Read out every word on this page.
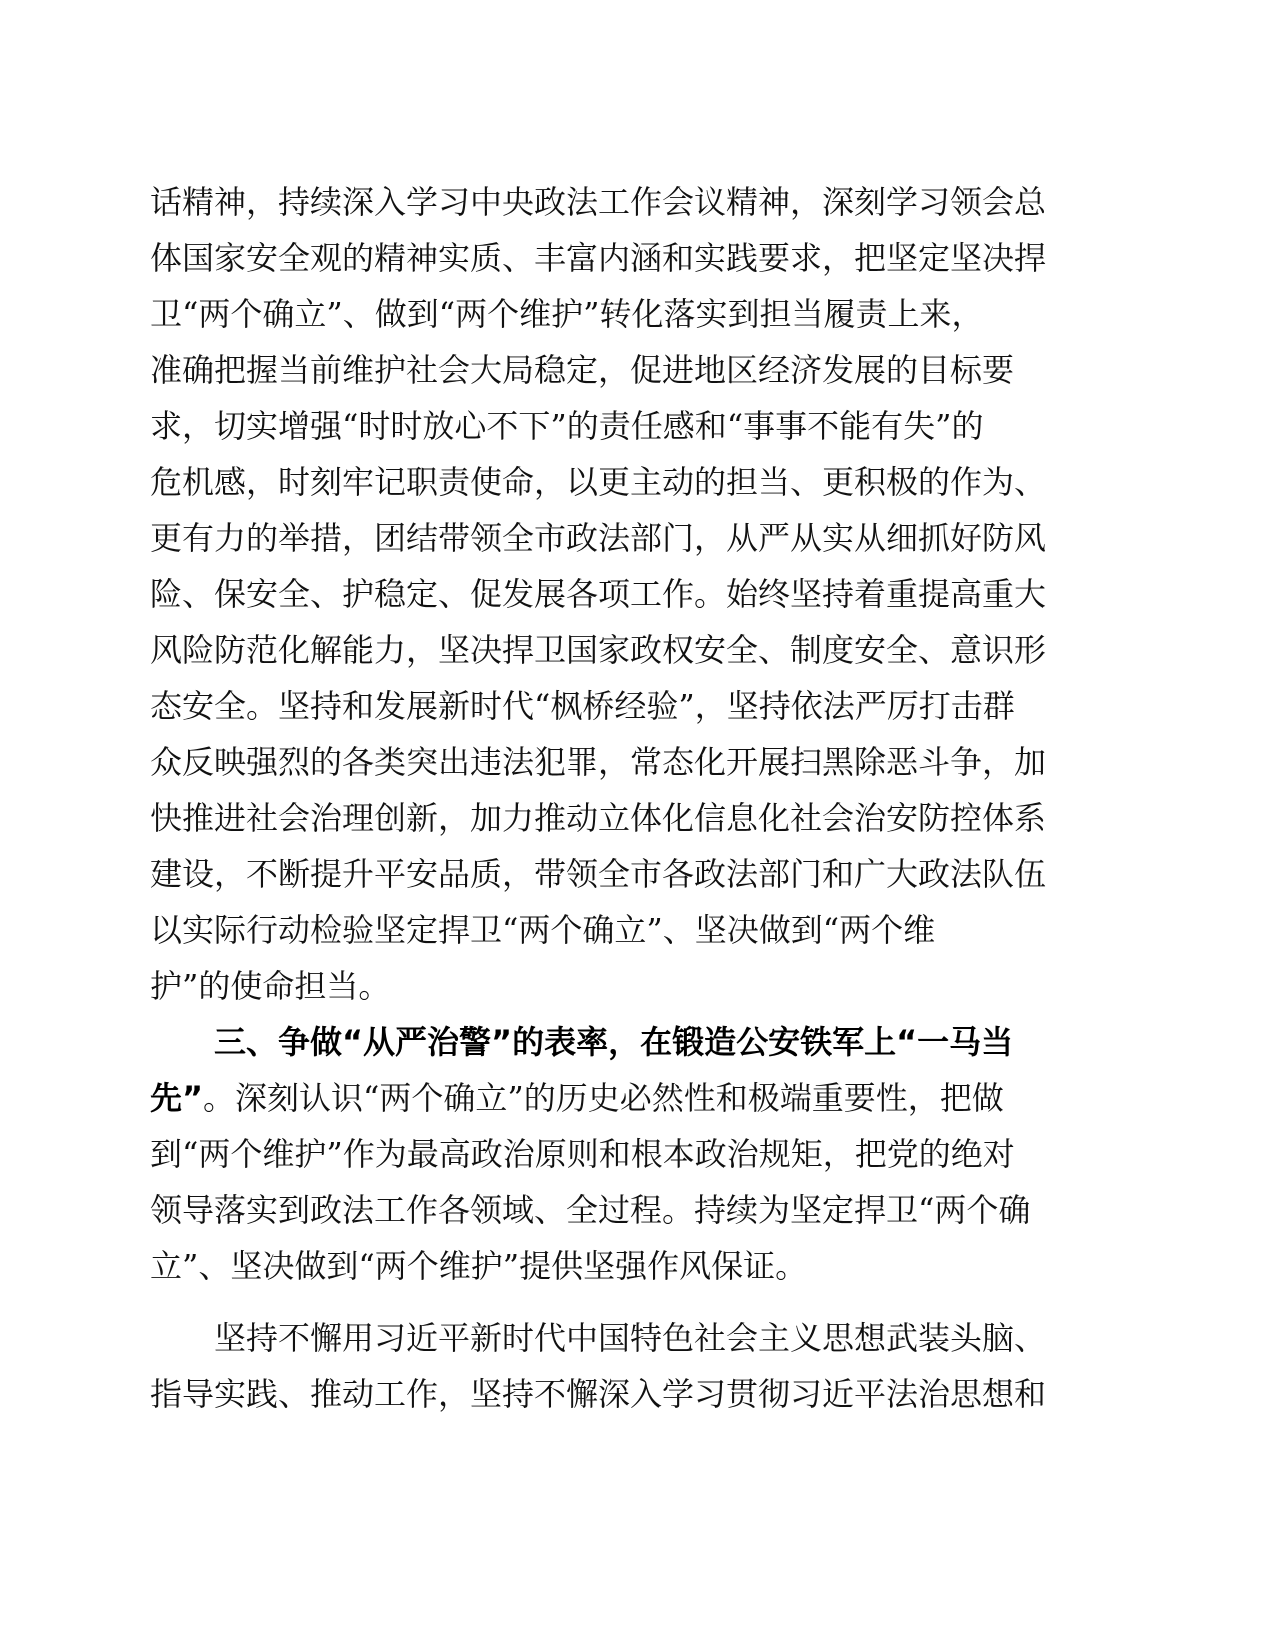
话精神，持续深入学习中央政法工作会议精神，深刻学习领会总
体国家安全观的精神实质、丰富内涵和实践要求，把坚定坚决捍
卫“两个确立”、做到“两个维护”转化落实到担当履责上来，
准确把握当前维护社会大局稳定，促进地区经济发展的目标要
求，切实增强“时时放心不下”的责任感和“事事不能有失”的
危机感，时刻牢记职责使命，以更主动的担当、更积极的作为、
更有力的举措，团结带领全市政法部门，从严从实从细抓好防风
险、保安全、护稳定、促发展各项工作。始终坚持着重提高重大
风险防范化解能力，坚决捍卫国家政权安全、制度安全、意识形
态安全。坚持和发展新时代“枫桥经验”，坚持依法严厉打击群
众反映强烈的各类突出违法犯罪，常态化开展扫黑除恶斗争，加
快推进社会治理创新，加力推动立体化信息化社会治安防控体系
建设，不断提升平安品质，带领全市各政法部门和广大政法队伍
以实际行动检验坚定捍卫“两个确立”、坚决做到“两个维
护”的使命担当。
三、争做“从严治警”的表率，在锻造公安铁军上“一马当
先”。深刻认识“两个确立”的历史必然性和极端重要性，把做
到“两个维护”作为最高政治原则和根本政治规矩，把党的绝对
领导落实到政法工作各领域、全过程。持续为坚定捍卫“两个确
立”、坚决做到“两个维护”提供坚强作风保证。
坚持不懈用习近平新时代中国特色社会主义思想武装头脑、
指导实践、推动工作，坚持不懈深入学习贯彻习近平法治思想和
